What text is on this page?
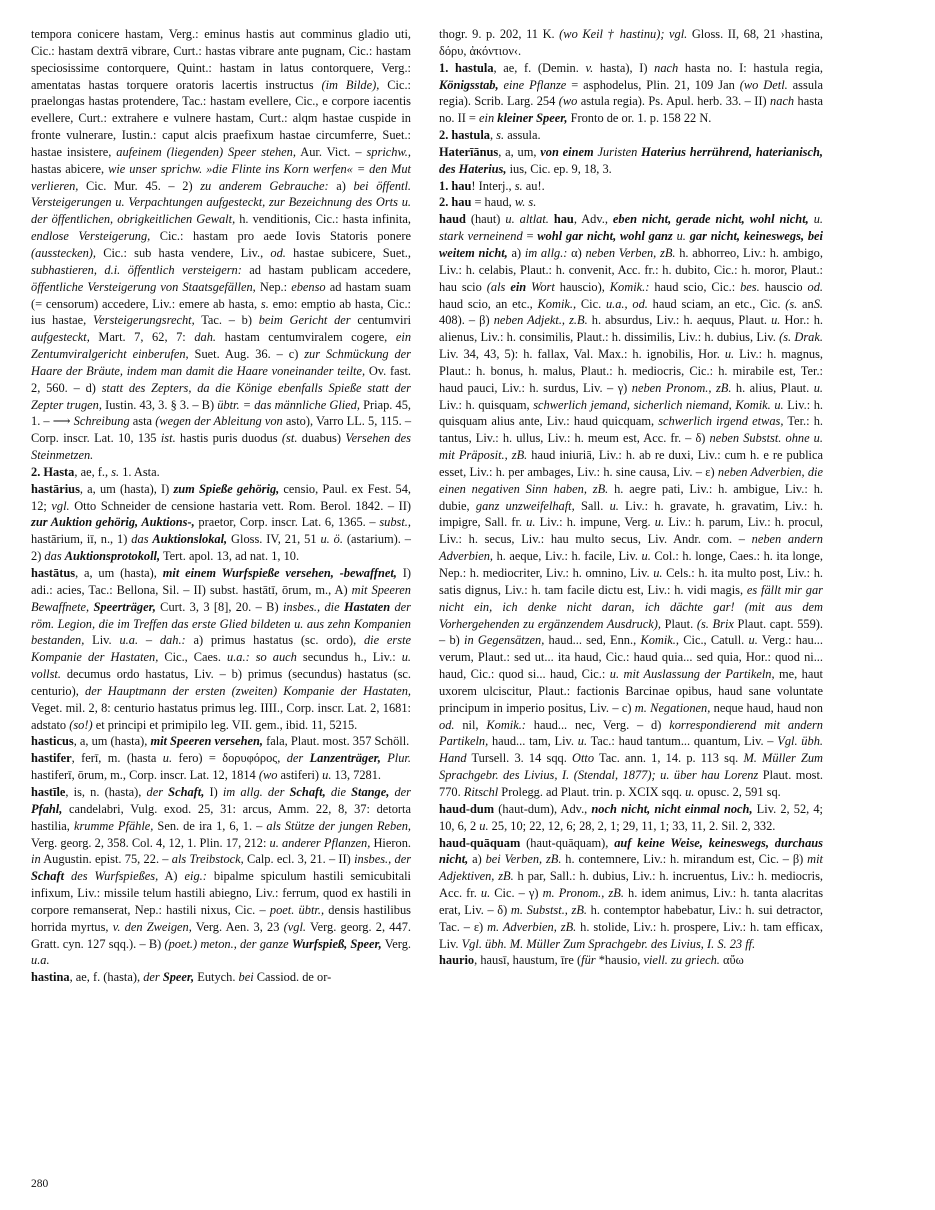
tempora conicere hastam, Verg.: eminus hastis aut comminus gladio uti, Cic.: hastam dextrā vibrare, Curt.: hastas vibrare ante pugnam, Cic.: hastam speciosissime contorquere, Quint.: hastam in latus contorquere, Verg.: amentatas hastas torquere oratoris lacertis instructus (im Bilde), Cic.: praelongas hastas protendere, Tac.: hastam evellere, Cic., e corpore iacentis evellere, Curt.: extrahere e vulnere hastam, Curt.: alqm hastae cuspide in fronte vulnerare, Iustin.: caput alcis praefixum hastae circumferre, Suet.: hastae insistere, aufeinem (liegenden) Speer stehen, Aur. Vict. – sprichw., hastas abicere, wie unser sprichw. »die Flinte ins Korn werfen« = den Mut verlieren, Cic. Mur. 45. – 2) zu anderem Gebrauche: a) bei öffentl. Versteigerungen u. Verpachtungen aufgesteckt, zur Bezeichnung des Orts u. der öffentlichen, obrigkeitlichen Gewalt, h. venditionis, Cic.: hasta infinita, endlose Versteigerung, Cic.: hastam pro aede Iovis Statoris ponere (ausstecken), Cic.: sub hasta vendere, Liv., od. hastae subicere, Suet., subhastieren, d.i. öffentlich versteigern: ad hastam publicam accedere, öffentliche Versteigerung von Staatsgefällen, Nep.: ebenso ad hastam suam (= censorum) accedere, Liv.: emere ab hasta, s. emo: emptio ab hasta, Cic.: ius hastae, Versteigerungsrecht, Tac. – b) beim Gericht der centumviri aufgesteckt, Mart. 7, 62, 7: dah. hastam centumviralem cogere, ein Zentumviralgericht einberufen, Suet. Aug. 36. – c) zur Schmückung der Haare der Bräute, indem man damit die Haare voneinander teilte, Ov. fast. 2, 560. – d) statt des Zepters, da die Könige ebenfalls Spieße statt der Zepter trugen, Iustin. 43, 3. § 3. – B) übtr. = das männliche Glied, Priap. 45, 1. – ⟶ Schreibung asta (wegen der Ableitung von asto), Varro LL. 5, 115. – Corp. inscr. Lat. 10, 135 ist. hastis puris duodus (st. duabus) Versehen des Steinmetzen.

2. Hasta, ae, f., s. 1. Asta.

hastārius, a, um (hasta), I) zum Spieße gehörig, censio, Paul. ex Fest. 54, 12; vgl. Otto Schneider de censione hastaria vett. Rom. Berol. 1842. – II) zur Auktion gehörig, Auktions-, praetor, Corp. inscr. Lat. 6, 1365. – subst., hastārium, iī, n., 1) das Auktionslokal, Gloss. IV, 21, 51 u. ö. (astarium). – 2) das Auktionsprotokoll, Tert. apol. 13, ad nat. 1, 10.

hastātus, a, um (hasta), mit einem Wurfspieße versehen, -bewaffnet, I) adi.: acies, Tac.: Bellona, Sil. – II) subst. hastātī, ōrum, m., A) mit Speeren Bewaffnete, Speerträger, Curt. 3, 3 [8], 20. – B) insbes., die Hastaten der röm. Legion, die im Treffen das erste Glied bildeten u. aus zehn Kompanien bestanden, Liv. u.a. – dah.: a) primus hastatus (sc. ordo), die erste Kompanie der Hastaten, Cic., Caes. u.a.: so auch secundus h., Liv.: u. vollst. decumus ordo hastatus, Liv. – b) primus (secundus) hastatus (sc. centurio), der Hauptmann der ersten (zweiten) Kompanie der Hastaten, Veget. mil. 2, 8: centurio hastatus primus leg. IIII., Corp. inscr. Lat. 2, 1681: adstato (so!) et principi et primipilo leg. VII. gem., ibid. 11, 5215.

hasticus, a, um (hasta), mit Speeren versehen, fala, Plaut. most. 357 Schöll.

hastifer, ferī, m. (hasta u. fero) = δορυφόρος, der Lanzenträger, Plur. hastiferī, ōrum, m., Corp. inscr. Lat. 12, 1814 (wo astiferi) u. 13, 7281.

hastīle, is, n. (hasta), der Schaft, I) im allg. der Schaft, die Stange, der Pfahl, candelabri, Vulg. exod. 25, 31: arcus, Amm. 22, 8, 37: detorta hastilia, krumme Pfähle, Sen. de ira 1, 6, 1. – als Stütze der jungen Reben, Verg. georg. 2, 358. Col. 4, 12, 1. Plin. 17, 212: u. anderer Pflanzen, Hieron. in Augustin. epist. 75, 22. – als Treibstock, Calp. ecl. 3, 21. – II) insbes., der Schaft des Wurfspießes, A) eig.: bipalme spiculum hastili semicubitali infixum, Liv.: missile telum hastili abiegno, Liv.: ferrum, quod ex hastili in corpore remanserat, Nep.: hastili nixus, Cic. – poet. übtr., densis hastilibus horrida myrtus, v. den Zweigen, Verg. Aen. 3, 23 (vgl. Verg. georg. 2, 447. Gratt. cyn. 127 sqq.). – B) (poet.) meton., der ganze Wurfspieß, Speer, Verg. u.a.

hastina, ae, f. (hasta), der Speer, Eutych. bei Cassiod. de or-

thogr. 9. p. 202, 11 K. (wo Keil † hastinu); vgl. Gloss. II, 68, 21 ›hastina, δόρυ, ἀκόντιον‹.

1. hastula, ae, f. (Demin. v. hasta), I) nach hasta no. I: hastula regia, Königsstab, eine Pflanze = asphodelus, Plin. 21, 109 Jan (wo Detl. assula regia). Scrib. Larg. 254 (wo astula regia). Ps. Apul. herb. 33. – II) nach hasta no. II = ein kleiner Speer, Fronto de or. 1. p. 158 22 N.

2. hastula, s. assula.

Haterīānus, a, um, von einem Juristen Haterius herrührend, haterianisch, des Haterius, ius, Cic. ep. 9, 18, 3.

1. hau! Interj., s. au!.

2. hau = haud, w. s.

haud (haut) u. altlat. hau, Adv., eben nicht, gerade nicht, wohl nicht, u. stark verneinend = wohl gar nicht, wohl ganz u. gar nicht, keineswegs, bei weitem nicht, a) im allg.: α) neben Verben, zB. h. abhorreo, Liv.: h. ambigo, Liv.: h. celabis, Plaut.: h. convenit, Acc. fr.: h. dubito, Cic.: h. moror, Plaut.: hau scio (als ein Wort hauscio), Komik.: haud scio, Cic.: bes. hauscio od. haud scio, an etc., Komik., Cic. u.a., od. haud sciam, an etc., Cic. (s. anS. 408). – β) neben Adjekt., z.B. h. absurdus, Liv.: h. aequus, Plaut. u. Hor.: h. alienus, Liv.: h. consimilis, Plaut.: h. dissimilis, Liv.: h. dubius, Liv. (s. Drak. Liv. 34, 43, 5): h. fallax, Val. Max.: h. ignobilis, Hor. u. Liv.: h. magnus, Plaut.: h. bonus, h. malus, Plaut.: h. mediocris, Cic.: h. mirabile est, Ter.: haud pauci, Liv.: h. surdus, Liv. – γ) neben Pronom., zB. h. alius, Plaut. u. Liv.: h. quisquam, schwerlich jemand, sicherlich niemand, Komik. u. Liv.: h. quisquam alius ante, Liv.: haud quicquam, schwerlich irgend etwas, Ter.: h. tantus, Liv.: h. ullus, Liv.: h. meum est, Acc. fr. – δ) neben Substst. ohne u. mit Präposit., zB. haud iniuriā, Liv.: h. ab re duxi, Liv.: cum h. e re publica esset, Liv.: h. per ambages, Liv.: h. sine causa, Liv. – ε) neben Adverbien, die einen negativen Sinn haben, zB. h. aegre pati, Liv.: h. ambigue, Liv.: h. dubie, ganz unzweifelhaft, Sall. u. Liv.: h. gravate, h. gravatim, Liv.: h. impigre, Sall. fr. u. Liv.: h. impune, Verg. u. Liv.: h. parum, Liv.: h. procul, Liv.: h. secus, Liv.: hau multo secus, Liv. Andr. com. – neben andern Adverbien, h. aeque, Liv.: h. facile, Liv. u. Col.: h. longe, Caes.: h. ita longe, Nep.: h. mediocriter, Liv.: h. omnino, Liv. u. Cels.: h. ita multo post, Liv.: h. satis dignus, Liv.: h. tam facile dictu est, Liv.: h. vidi magis, es fällt mir gar nicht ein, ich denke nicht daran, ich dächte gar! (mit aus dem Vorhergehenden zu ergänzendem Ausdruck), Plaut. (s. Brix Plaut. capt. 559). – b) in Gegensätzen, haud... sed, Enn., Komik., Cic., Catull. u. Verg.: hau... verum, Plaut.: sed ut... ita haud, Cic.: haud quia... sed quia, Hor.: quod ni... haud, Cic.: quod si... haud, Cic.: u. mit Auslassung der Partikeln, me, haut uxorem ulciscitur, Plaut.: factionis Barcinae opibus, haud sane voluntate principum in imperio positus, Liv. – c) m. Negationen, neque haud, haud non od. nil, Komik.: haud... nec, Verg. – d) korrespondierend mit andern Partikeln, haud... tam, Liv. u. Tac.: haud tantum... quantum, Liv. – Vgl. übh. Hand Tursell. 3. 14 sqq. Otto Tac. ann. 1, 14. p. 113 sq. M. Müller Zum Sprachgebr. des Livius, I. (Stendal, 1877); u. über hau Lorenz Plaut. most. 770. Ritschl Prolegg. ad Plaut. trin. p. XCIX sqq. u. opusc. 2, 591 sq.

haud-dum (haut-dum), Adv., noch nicht, nicht einmal noch, Liv. 2, 52, 4; 10, 6, 2 u. 25, 10; 22, 12, 6; 28, 2, 1; 29, 11, 1; 33, 11, 2. Sil. 2, 332.

haud-quāquam (haut-quāquam), auf keine Weise, keineswegs, durchaus nicht, a) bei Verben, zB. h. contemnere, Liv.: h. mirandum est, Cic. – β) mit Adjektiven, zB. h par, Sall.: h. dubius, Liv.: h. incruentus, Liv.: h. mediocris, Acc. fr. u. Cic. – γ) m. Pronom., zB. h. idem animus, Liv.: h. tanta alacritas erat, Liv. – δ) m. Substst., zB. h. contemptor habebatur, Liv.: h. sui detractor, Tac. – ε) m. Adverbien, zB. h. stolide, Liv.: h. prospere, Liv.: h. tam efficax, Liv. Vgl. übh. M. Müller Zum Sprachgebr. des Livius, I. S. 23 ff.

haurio, hausī, haustum, īre (für *hausio, viell. zu griech. αὔω

280
